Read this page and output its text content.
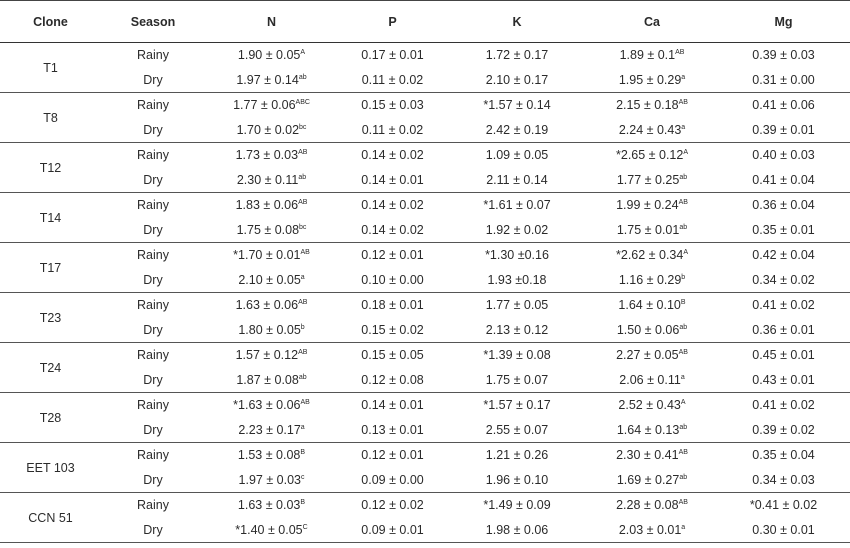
Clone	Season	N	P	K	Ca	Mg
T1	Rainy	$1.90 \pm 0.05^A$	0.17 ± 0.01	1.72 ± 0.17	$1.89 \pm 0.1^{AB}$	0.39 ± 0.03
	Dry	1.97 ± 0.14$^{ab}$	0.11 ± 0.02	2.10 ± 0.17	1.95 ± 0.29$^a$	0.31 ± 0.00
T8	Rainy	$1.77 \pm 0.06^{ABC}$	0.15 ± 0.03	*1.57 ± 0.14	$2.15 \pm 0.18^{AB}$	0.41 ± 0.06
	Dry	1.70 ± 0.02$^{bc}$	0.11 ± 0.02	2.42 ± 0.19	2.24 ± 0.43$^a$	0.39 ± 0.01
T12	Rainy	$1.73 \pm 0.03^{AB}$	0.14 ± 0.02	1.09 ± 0.05	$*2.65 \pm 0.12^A$	0.40 ± 0.03
	Dry	2.30 ± 0.11$^{ab}$	0.14 ± 0.01	2.11 ± 0.14	1.77 ± 0.25$^{ab}$	0.41 ± 0.04
T14	Rainy	$1.83 \pm 0.06^{AB}$	0.14 ± 0.02	*1.61 ± 0.07	$1.99 \pm 0.24^{AB}$	0.36 ± 0.04
	Dry	1.75 ± 0.08$^{bc}$	0.14 ± 0.02	1.92 ± 0.02	1.75 ± 0.01$^{ab}$	0.35 ± 0.01
T17	Rainy	$*1.70 \pm 0.01^{AB}$	0.12 ± 0.01	*1.30 ±0.16	$*2.62 \pm 0.34^A$	0.42 ± 0.04
	Dry	2.10 ± 0.05$^a$	0.10 ± 0.00	1.93 ±0.18	1.16 ± 0.29$^b$	0.34 ± 0.02
T23	Rainy	$1.63 \pm 0.06^{AB}$	0.18 ± 0.01	1.77 ± 0.05	$1.64 \pm 0.10^B$	0.41 ± 0.02
	Dry	1.80 ± 0.05$^b$	0.15 ± 0.02	2.13 ± 0.12	1.50 ± 0.06$^{ab}$	0.36 ± 0.01
T24	Rainy	$1.57 \pm 0.12^{AB}$	0.15 ± 0.05	*1.39 ± 0.08	$2.27 \pm 0.05^{AB}$	0.45 ± 0.01
	Dry	1.87 ± 0.08$^{ab}$	0.12 ± 0.08	1.75 ± 0.07	2.06 ± 0.11$^a$	0.43 ± 0.01
T28	Rainy	$*1.63 \pm 0.06^{AB}$	0.14 ± 0.01	*1.57 ± 0.17	$2.52 \pm 0.43^A$	0.41 ± 0.02
	Dry	2.23 ± 0.17$^a$	0.13 ± 0.01	2.55 ± 0.07	1.64 ± 0.13$^{ab}$	0.39 ± 0.02
EET 103	Rainy	$1.53 \pm 0.08^B$	0.12 ± 0.01	1.21 ± 0.26	$2.30 \pm 0.41^{AB}$	0.35 ± 0.04
	Dry	1.97 ± 0.03$^c$	0.09 ± 0.00	1.96 ± 0.10	1.69 ± 0.27$^{ab}$	0.34 ± 0.03
CCN 51	Rainy	$1.63 \pm 0.03^B$	0.12 ± 0.02	*1.49 ± 0.09	$2.28 \pm 0.08^{AB}$	*0.41 ± 0.02
	Dry	$*1.40 \pm 0.05^C$	0.09 ± 0.01	1.98 ± 0.06	2.03 ± 0.01$^a$	0.30 ± 0.01
